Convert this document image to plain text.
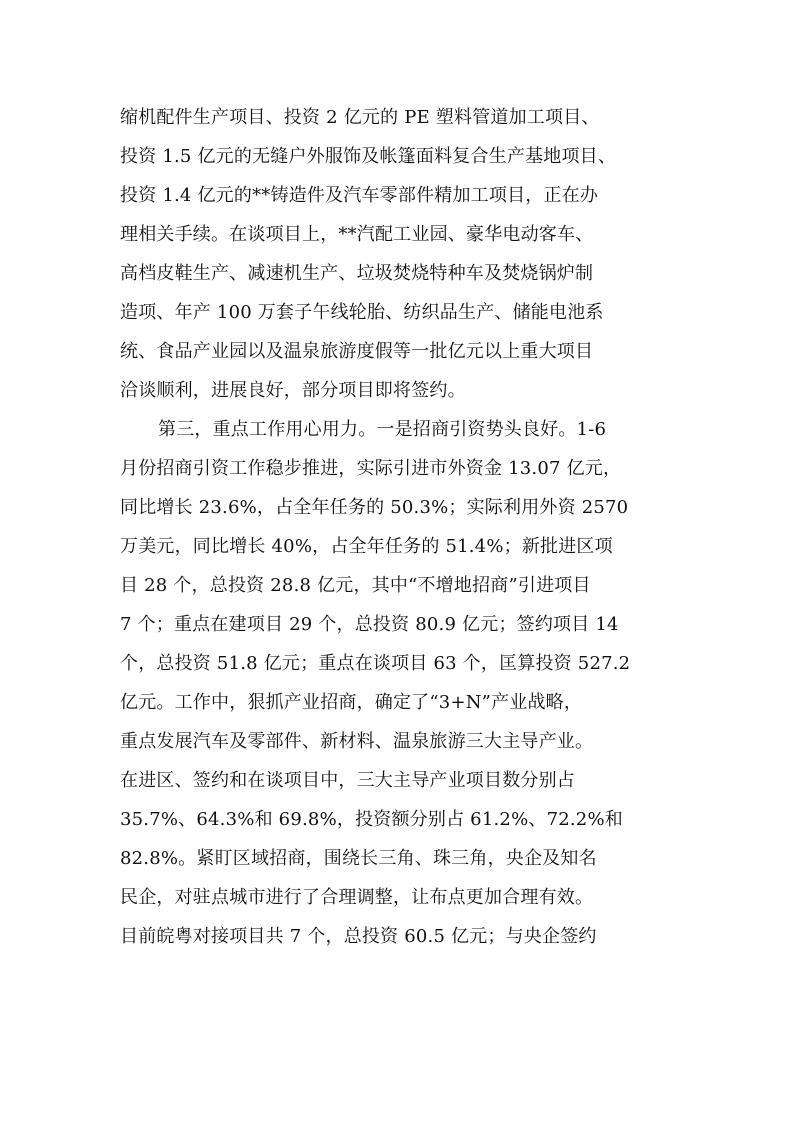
缩机配件生产项目、投资 2 亿元的 PE 塑料管道加工项目、
投资 1.5 亿元的无缝户外服饰及帐篷面料复合生产基地项目、
投资 1.4 亿元的**铸造件及汽车零部件精加工项目，正在办
理相关手续。在谈项目上，**汽配工业园、豪华电动客车、
高档皮鞋生产、减速机生产、垃圾焚烧特种车及焚烧锅炉制
造项、年产 100 万套子午线轮胎、纺织品生产、储能电池系
统、食品产业园以及温泉旅游度假等一批亿元以上重大项目
洽谈顺利，进展良好，部分项目即将签约。
第三，重点工作用心用力。一是招商引资势头良好。1-6
月份招商引资工作稳步推进，实际引进市外资金 13.07 亿元，
同比增长 23.6%，占全年任务的 50.3%；实际利用外资 2570
万美元，同比增长 40%，占全年任务的 51.4%；新批进区项
目 28 个，总投资 28.8 亿元，其中“不增地招商”引进项目
7 个；重点在建项目 29 个，总投资 80.9 亿元；签约项目 14
个，总投资 51.8 亿元；重点在谈项目 63 个，匡算投资 527.2
亿元。工作中，狠抓产业招商，确定了“3+N”产业战略，
重点发展汽车及零部件、新材料、温泉旅游三大主导产业。
在进区、签约和在谈项目中，三大主导产业项目数分别占
35.7%、64.3%和 69.8%，投资额分别占 61.2%、72.2%和
82.8%。紧盯区域招商，围绕长三角、珠三角，央企及知名
民企，对驻点城市进行了合理调整，让布点更加合理有效。
目前皖粤对接项目共 7 个，总投资 60.5 亿元；与央企签约
